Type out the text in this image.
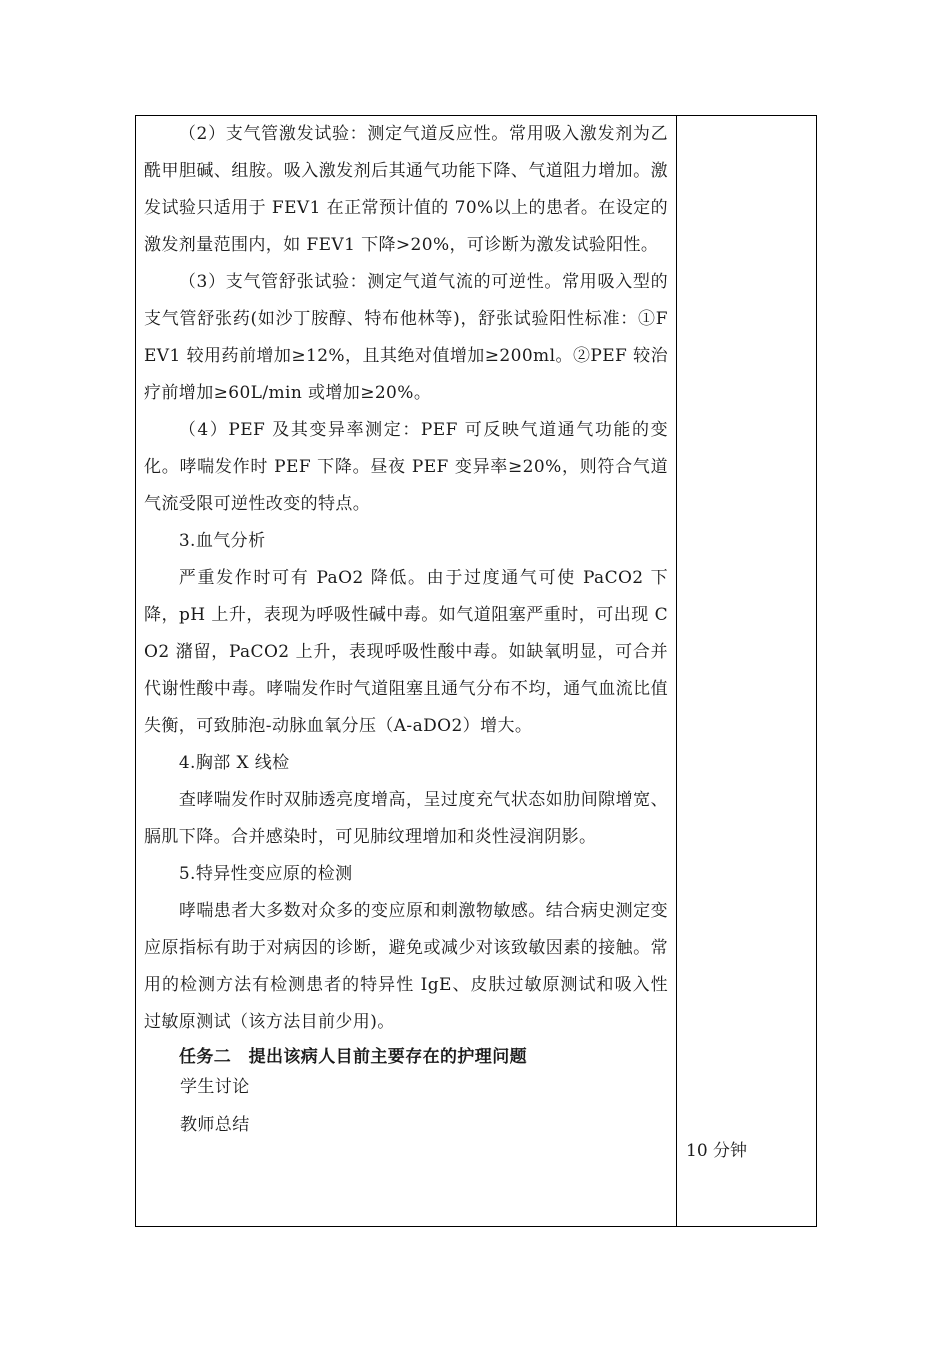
（2）支气管激发试验：测定气道反应性。常用吸入激发剂为乙酰甲胆碱、组胺。吸入激发剂后其通气功能下降、气道阻力增加。激发试验只适用于 FEV1 在正常预计值的 70%以上的患者。在设定的激发剂量范围内，如 FEV1 下降>20%，可诊断为激发试验阳性。

（3）支气管舒张试验：测定气道气流的可逆性。常用吸入型的支气管舒张药(如沙丁胺醇、特布他林等)，舒张试验阳性标准：①FEV1 较用药前增加≥12%，且其绝对值增加≥200ml。②PEF 较治疗前增加≥60L/min 或增加≥20%。

（4）PEF 及其变异率测定：PEF 可反映气道通气功能的变化。哮喘发作时 PEF 下降。昼夜 PEF 变异率≥20%，则符合气道气流受限可逆性改变的特点。

3.血气分析

严重发作时可有 PaO2 降低。由于过度通气可使 PaCO2 下降，pH 上升，表现为呼吸性碱中毒。如气道阻塞严重时，可出现 CO2 潴留，PaCO2 上升，表现呼吸性酸中毒。如缺氧明显，可合并代谢性酸中毒。哮喘发作时气道阻塞且通气分布不均，通气血流比值失衡，可致肺泡-动脉血氧分压（A-aDO2）增大。

4.胸部 X 线检

查哮喘发作时双肺透亮度增高，呈过度充气状态如肋间隙增宽、膈肌下降。合并感染时，可见肺纹理增加和炎性浸润阴影。

5.特异性变应原的检测

哮喘患者大多数对众多的变应原和刺激物敏感。结合病史测定变应原指标有助于对病因的诊断，避免或减少对该致敏因素的接触。常用的检测方法有检测患者的特异性 IgE、皮肤过敏原测试和吸入性过敏原测试（该方法目前少用)。

任务二　提出该病人目前主要存在的护理问题

学生讨论

教师总结

10 分钟
